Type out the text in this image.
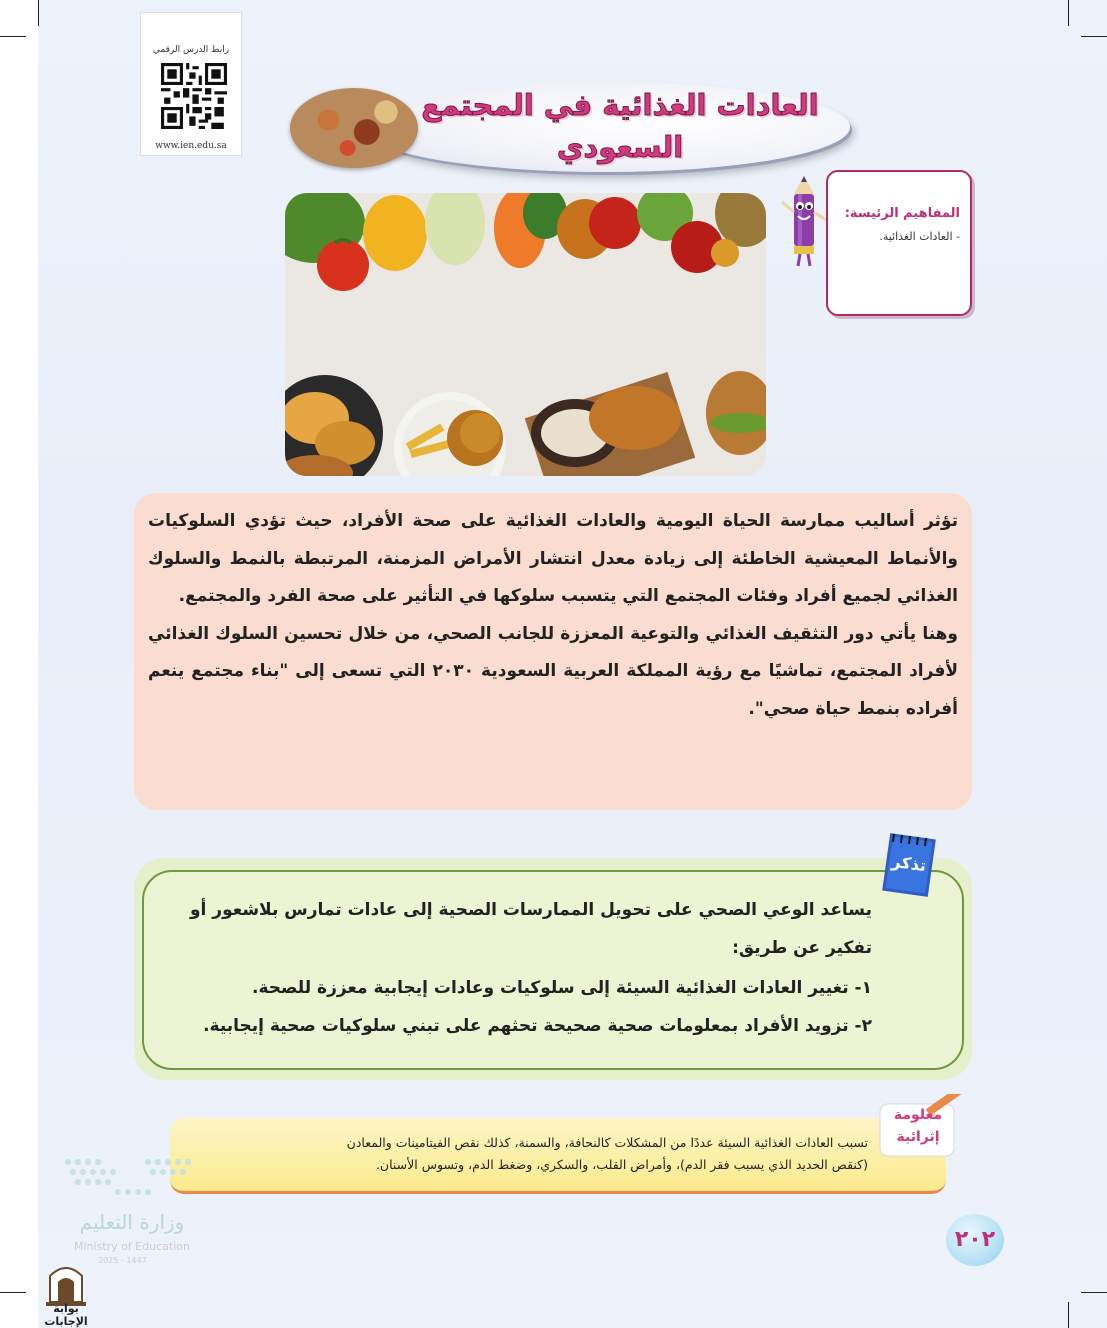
رابط الدرس الرقمي
www.ien.edu.sa
العادات الغذائية في المجتمع
السعودي
المفاهيم الرئيسة:
- العادات الغذائية.

تؤثر أساليب ممارسة الحياة اليومية والعادات الغذائية على صحة الأفراد، حيث تؤدي السلوكيات والأنماط المعيشية الخاطئة إلى زيادة معدل انتشار الأمراض المزمنة، المرتبطة بالنمط والسلوك الغذائي لجميع أفراد وفئات المجتمع التي يتسبب سلوكها في التأثير على صحة الفرد والمجتمع.

وهنا يأتي دور التثقيف الغذائي والتوعية المعززة للجانب الصحي، من خلال تحسين السلوك الغذائي لأفراد المجتمع، تماشيًا مع رؤية المملكة العربية السعودية ٢٠٣٠ التي تسعى إلى "بناء مجتمع ينعم أفراده بنمط حياة صحي".

يساعد الوعي الصحي على تحويل الممارسات الصحية إلى عادات تمارس بلاشعور أو
تفكير عن طريق:
١- تغيير العادات الغذائية السيئة إلى سلوكيات وعادات إيجابية معززة للصحة.
٢- تزويد الأفراد بمعلومات صحية صحيحة تحثهم على تبني سلوكيات صحية إيجابية.
تذكر
تسبب العادات الغذائية السيئة عددًا من المشكلات كالنحافة، والسمنة، كذلك نقص الفيتامينات والمعادن
(كنقص الحديد الذي يسبب فقر الدم)، وأمراض القلب، والسكري، وضغط الدم، وتسوس الأسنان.
معلومة
إثرائية
وزارة التعليم
Ministry of Education
2025 - 1447
٢٠٢
بوابة الإجابات
